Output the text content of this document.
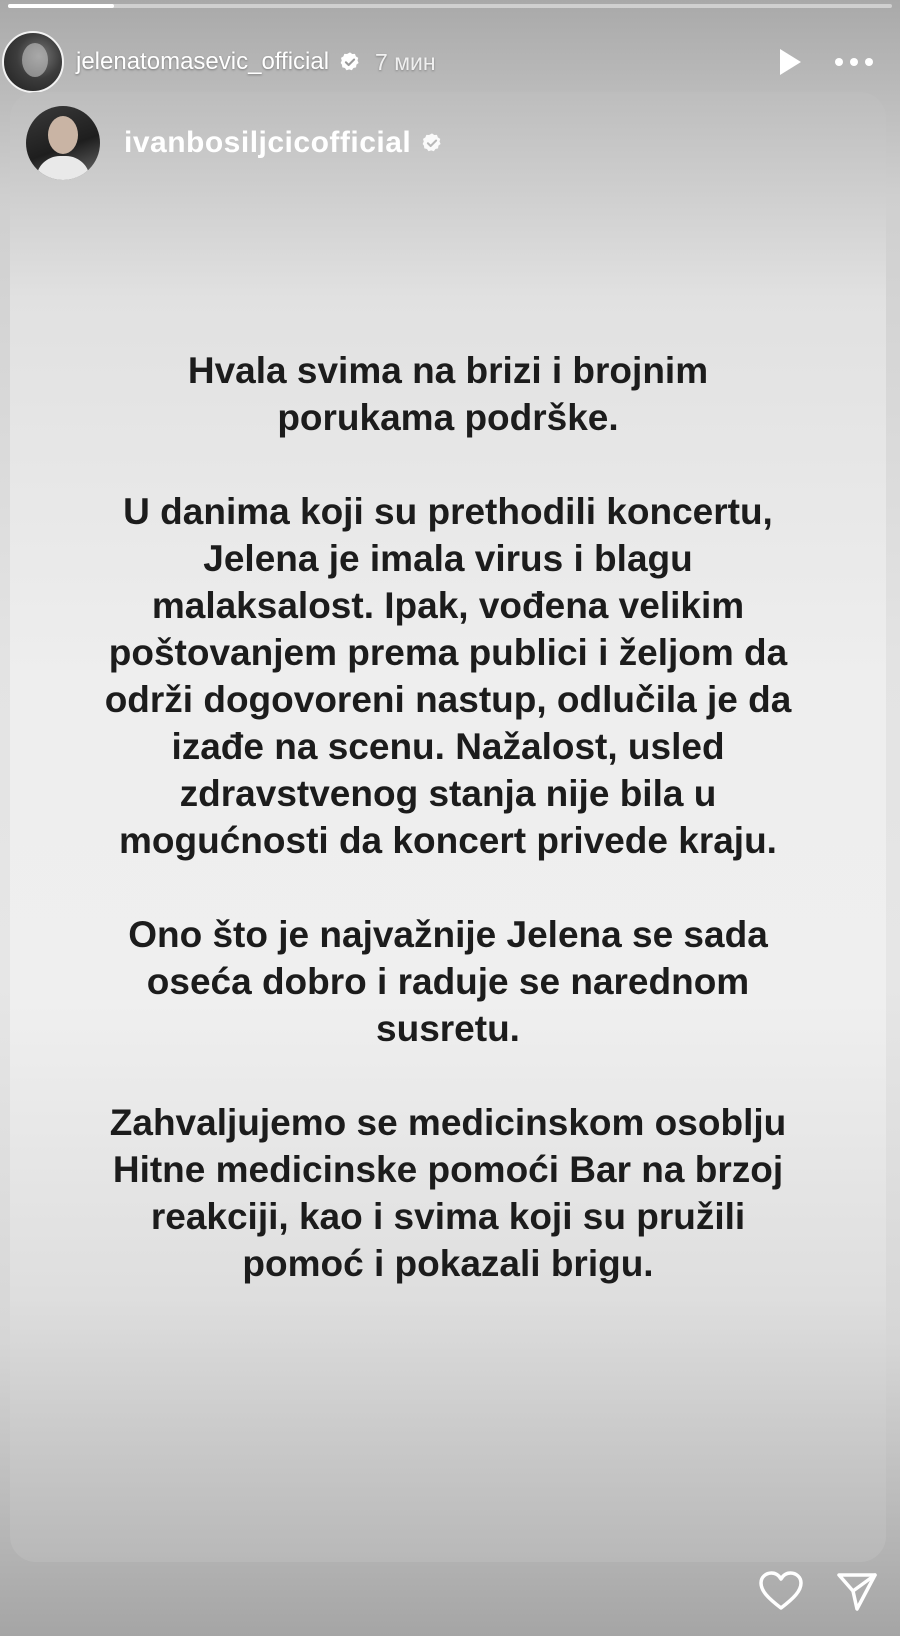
jelenatomasevic_official 7 мин
ivanbosiljcicofficial

Hvala svima na brizi i brojnim
porukama podrške.

U danima koji su prethodili koncertu,
Jelena je imala virus i blagu
malaksalost. Ipak, vođena velikim
poštovanjem prema publici i željom da
održi dogovoreni nastup, odlučila je da
izađe na scenu. Nažalost, usled
zdravstvenog stanja nije bila u
mogućnosti da koncert privede kraju.

Ono što je najvažnije Jelena se sada
oseća dobro i raduje se narednom
susretu.

Zahvaljujemo se medicinskom osoblju
Hitne medicinske pomoći Bar na brzoj
reakciji, kao i svima koji su pružili
pomoć i pokazali brigu.
